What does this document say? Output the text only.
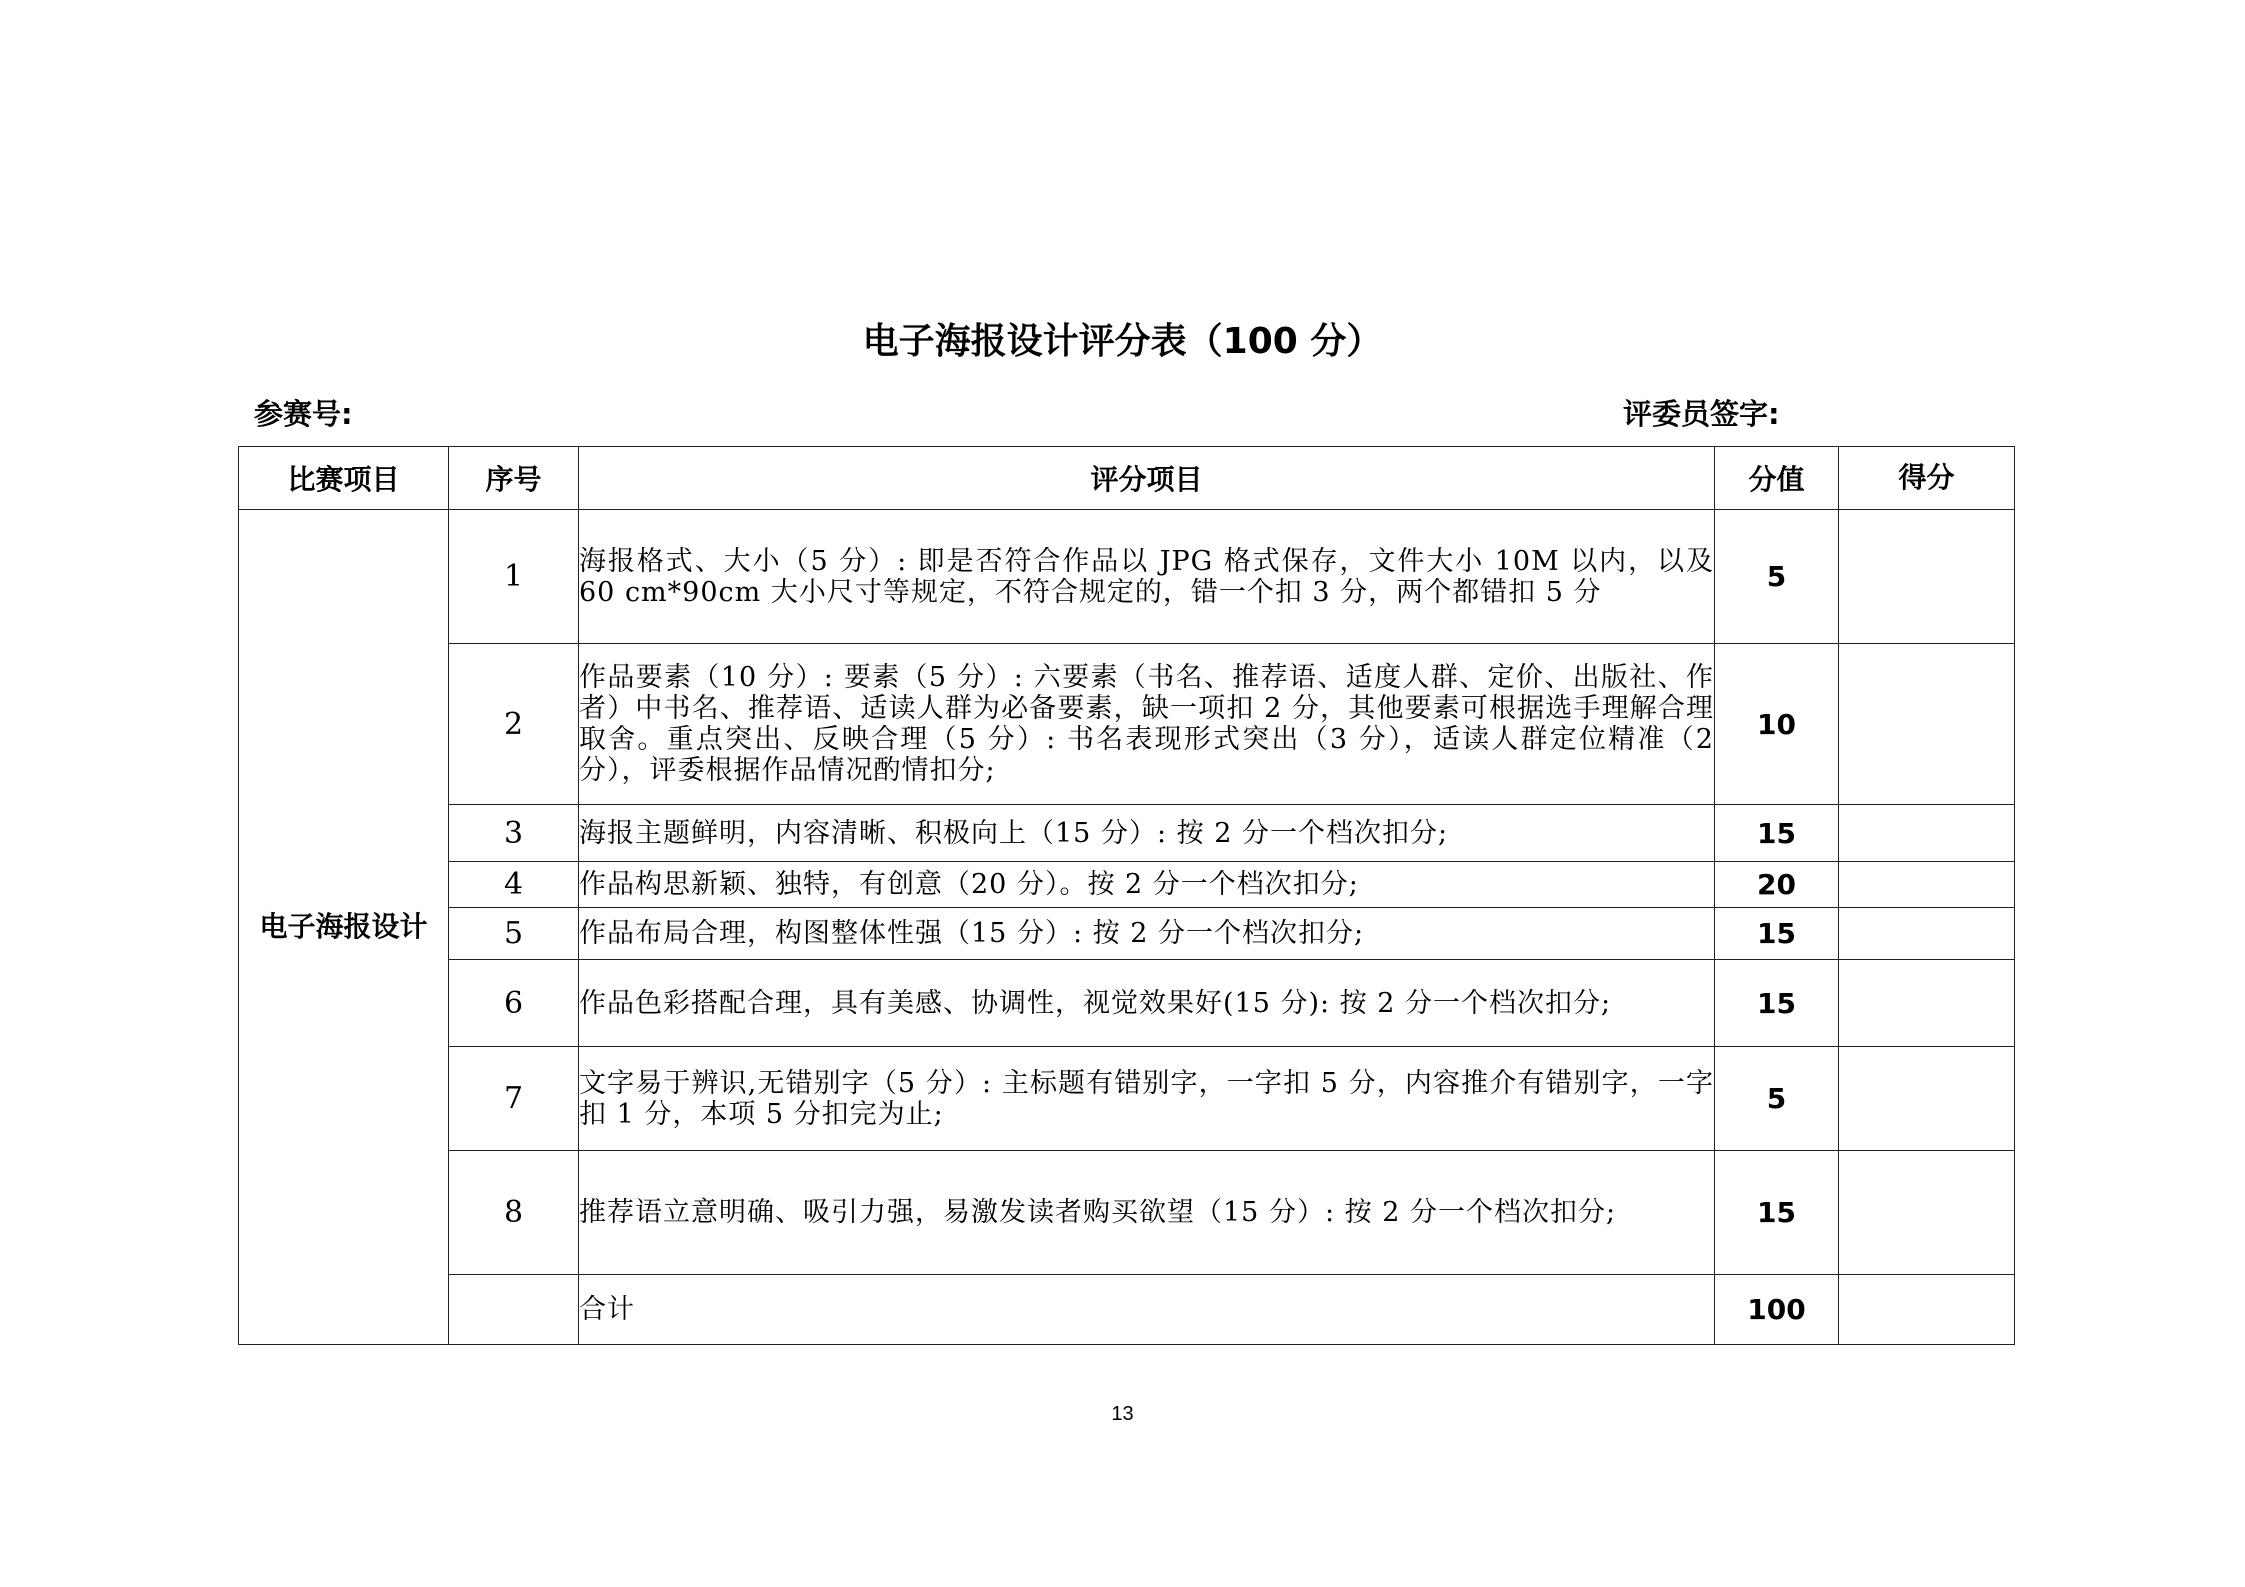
电子海报设计评分表（100 分）
参赛号:	评委员签字:
比赛项目	序号	评分项目	分值	得分

电子海报设计	1	海报格式、大小（5 分）: 即是否符合作品以 JPG 格式保存，文件大小 10M 以内，以及 60 cm*90cm 大小尺寸等规定，不符合规定的，错一个扣 3 分，两个都错扣 5 分	5	
	2	作品要素（10 分）: 要素（5 分）: 六要素（书名、推荐语、适度人群、定价、出版社、作者）中书名、推荐语、适读人群为必备要素，缺一项扣 2 分，其他要素可根据选手理解合理取舍。重点突出、反映合理（5 分）: 书名表现形式突出（3 分），适读人群定位精准（2 分），评委根据作品情况酌情扣分;	10	
	3	海报主题鲜明，内容清晰、积极向上（15 分）: 按 2 分一个档次扣分;	15	
	4	作品构思新颖、独特，有创意（20 分）。按 2 分一个档次扣分;	20	
	5	作品布局合理，构图整体性强（15 分）: 按 2 分一个档次扣分;	15	
	6	作品色彩搭配合理，具有美感、协调性，视觉效果好(15 分): 按 2 分一个档次扣分;	15	
	7	文字易于辨识,无错别字（5 分）: 主标题有错别字，一字扣 5 分，内容推介有错别字，一字扣 1 分，本项 5 分扣完为止;	5	
	8	推荐语立意明确、吸引力强，易激发读者购买欲望（15 分）: 按 2 分一个档次扣分;	15	
		合计	100	
13
